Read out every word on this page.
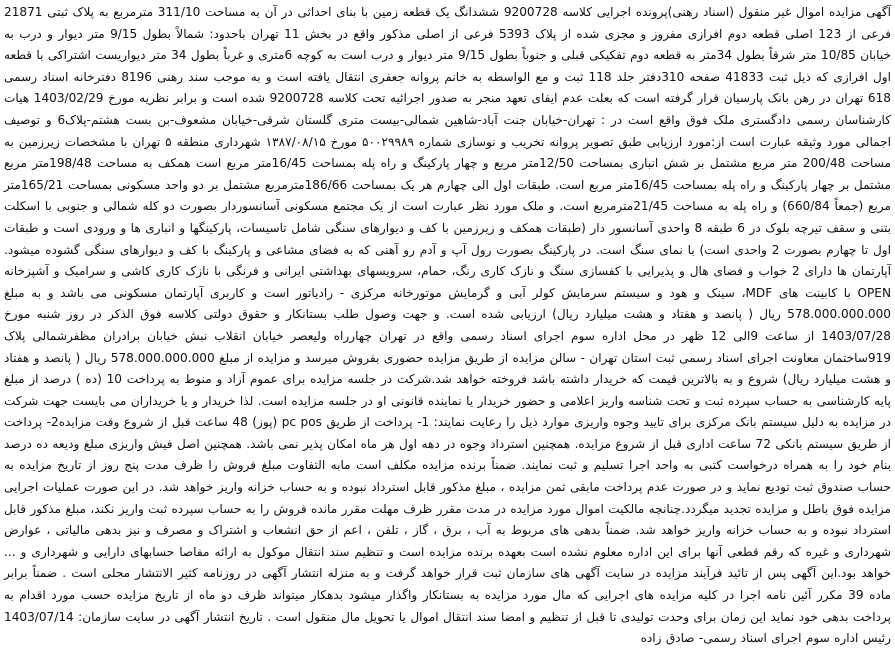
آگهی مزایده اموال غیر منقول (اسناد رهنی)پرونده اجرایی کلاسه 9200728 ششدانگ یک قطعه زمین با بنای احداثی در آن به مساحت 311/10 مترمربع به پلاک ثبتی 21871 فرعی از 123 اصلی قطعه دوم افرازی مفروز و مجزی شده از پلاک 5393 فرعی از اصلی مذکور واقع در بخش 11 تهران باحدود: شمالاً بطول 9/15 متر دیوار و درب به خیابان 10/85 متر شرقاً بطول 34متر به قطعه دوم تفکیکی قبلی و جنوباً بطول 9/15 متر دیوار و درب است به کوچه 6متری و غرباً بطول 34 متر دیواریست اشتراکی با قطعه اول افرازی که ذیل ثبت 41833 صفحه 310دفتر جلد 118 ثبت و مع الواسطه به خانم پروانه جعفری انتقال یافته است و به موجب سند رهنی 8196 دفترخانه اسناد رسمی 618 تهران در رهن بانک پارسیان قرار گرفته است که بعلت عدم ایفای تعهد منجر به صدور اجرائیه تحت کلاسه 9200728 شده است و برابر نظریه مورخ 1403/02/29 هیات کارشناسان رسمی دادگستری ملک فوق واقع است در : تهران-خیابان جنت آباد-شاهین شمالی-بیست متری گلستان شرقی-خیابان مشعوف-بن بست هشتم-پلاک6 و توصیف اجمالی مورد وثیقه عبارت است از:مورد ارزیابی طبق تصویر پروانه تخریب و نوسازی شماره ۵۰۰۲۹۹۸۹ مورخ ۱۳۸۷/۰۸/۱۵ شهرداری منطقه ۵ تهران با مشخصات زیرزمین به مساحت 200/48 متر مربع مشتمل بر شش انباری بمساحت 12/50متر مربع و چهار پارکینگ و راه پله بمساحت 16/45متر مربع است همکف به مساحت 198/48متر مربع مشتمل بر چهار پارکینگ و راه پله بمساحت 16/45متر مربع است. طبقات اول الی چهارم هر یک بمساحت 186/66مترمربع مشتمل بر دو واحد مسکونی بمساحت 165/21متر مربع (جمعاً 660/84) و راه پله به مساحت 21/45مترمربع است. و ملک مورد نظر عبارت است از یک مجتمع مسکونی آسانسوردار بصورت دو کله شمالی و جنوبی با اسکلت بتنی و سقف تیرچه بلوک در 6 طبقه 8 واحدی آسانسور دار (طبقات همکف و زیرزمین با کف و دیوارهای سنگی شامل تاسیسات، پارکینگها و انباری ها و ورودی است و طبقات اول تا چهارم بصورت 2 واحدی است) با نمای سنگ است. در پارکینگ بصورت رول آپ و آدم رو آهنی که به فضای مشاعی و پارکینگ با کف و دیوارهای سنگی گشوده میشود. آپارتمان ها دارای 2 خواب و فضای هال و پذیرایی با کفسازی سنگ و نازک کاری رنگ، حمام، سرویسهای بهداشتی ایرانی و فرنگی با نازک کاری کاشی و سرامیک و آشپزخانه OPEN با کابینت های MDF، سینک و هود و سیستم سرمایش کولر آبی و گرمایش موتورخانه مرکزی - رادیاتور است و کاربری آپارتمان مسکونی می باشد و به مبلغ 578.000.000.000 ریال ( پانصد و هفتاد و هشت میلیارد ریال) ارزیابی شده است. و جهت وصول طلب بستانکار و حقوق دولتی کلاسه فوق الذکر در روز شنبه مورخ 1403/07/28 از ساعت 9الی 12 ظهر در محل اداره سوم اجرای اسناد رسمی واقع در تهران چهارراه ولیعصر خیابان انقلاب نبش خیابان برادران مظفرشمالی پلاک 919ساختمان معاونت اجرای اسناد رسمی ثبت استان تهران - سالن مزایده از طریق مزایده حضوری بفروش میرسد و مزایده از مبلغ 578.000.000.000 ریال ( پانصد و هفتاد و هشت میلیارد ریال) شروع و به بالاترین قیمت که خریدار داشته باشد فروخته خواهد شد.شرکت در جلسه مزایده برای عموم آزاد و منوط به پرداخت 10 (ده ) درصد از مبلغ پایه کارشناسی به حساب سپرده ثبت و تحت شناسه واریز اعلامی و حضور خریدار یا نماینده قانونی او در جلسه مزایده است. لذا خریدار و یا خریداران می بایست جهت شرکت در مزایده به دلیل سیستم بانک مرکزی برای تایید وجوه واریزی موارد ذیل را رعایت نمایند: 1- پرداخت از طریق pc pos (پوز) 48 ساعت قبل از شروع وقت مزایده2- پرداخت از طریق سیستم بانکی 72 ساعت اداری قبل از شروع مزایده. همچنین استرداد وجوه در دهه اول هر ماه امکان پذیر نمی باشد. همچنین اصل فیش واریزی مبلغ ودیعه ده درصد بنام خود را به همراه درخواست کتبی به واحد اجرا تسلیم و ثبت نمایند. ضمناً برنده مزایده مکلف است مابه التفاوت مبلغ فروش را ظرف مدت پنج روز از تاریخ مزایده به حساب صندوق ثبت تودیع نماید و در صورت عدم پرداخت مابقی ثمن مزایده ، مبلغ مذکور قابل استرداد نبوده و به حساب خزانه واریز خواهد شد. در این صورت عملیات اجرایی مزایده فوق باطل و مزایده تجدید میگردد.چنانچه مالکیت اموال مورد مزایده در مدت مقرر ظرف مهلت مقرر مانده فروش را به حساب سپرده ثبت واریز نکند، مبلغ مذکور قابل استرداد نبوده و به حساب خزانه واریز خواهد شد. ضمناً بدهی های مربوط به آب ، برق ، گاز ، تلفن ، اعم از حق انشعاب و اشتراک و مصرف و نیز بدهی مالیاتی ، عوارض شهرداری و غیره که رقم قطعی آنها برای این اداره معلوم نشده است بعهده برنده مزایده است و تنظیم سند انتقال موکول به ارائه مفاصا حسابهای دارایی و شهرداری و ... خواهد بود.این آگهی پس از تائید فرآیند مزایده در سایت آگهی های سازمان ثبت قرار خواهد گرفت و به منزله انتشار آگهی در روزنامه کثیر الانتشار محلی است . ضمناً برابر ماده 39 مکرر آئین نامه اجرا در کلیه مزایده های اجرایی که مال مورد مزایده به بستانکار واگذار میشود بدهکار میتواند ظرف دو ماه از تاریخ مزایده حسب مورد اقدام به پرداخت بدهی خود نماید این زمان برای وحدت تولیدی تا قبل از تنظیم و امضا سند انتقال اموال یا تحویل مال منقول است . تاریخ انتشار آگهی در سایت سازمان: 1403/07/14 رئیس اداره سوم اجرای اسناد رسمی- صادق زاده
